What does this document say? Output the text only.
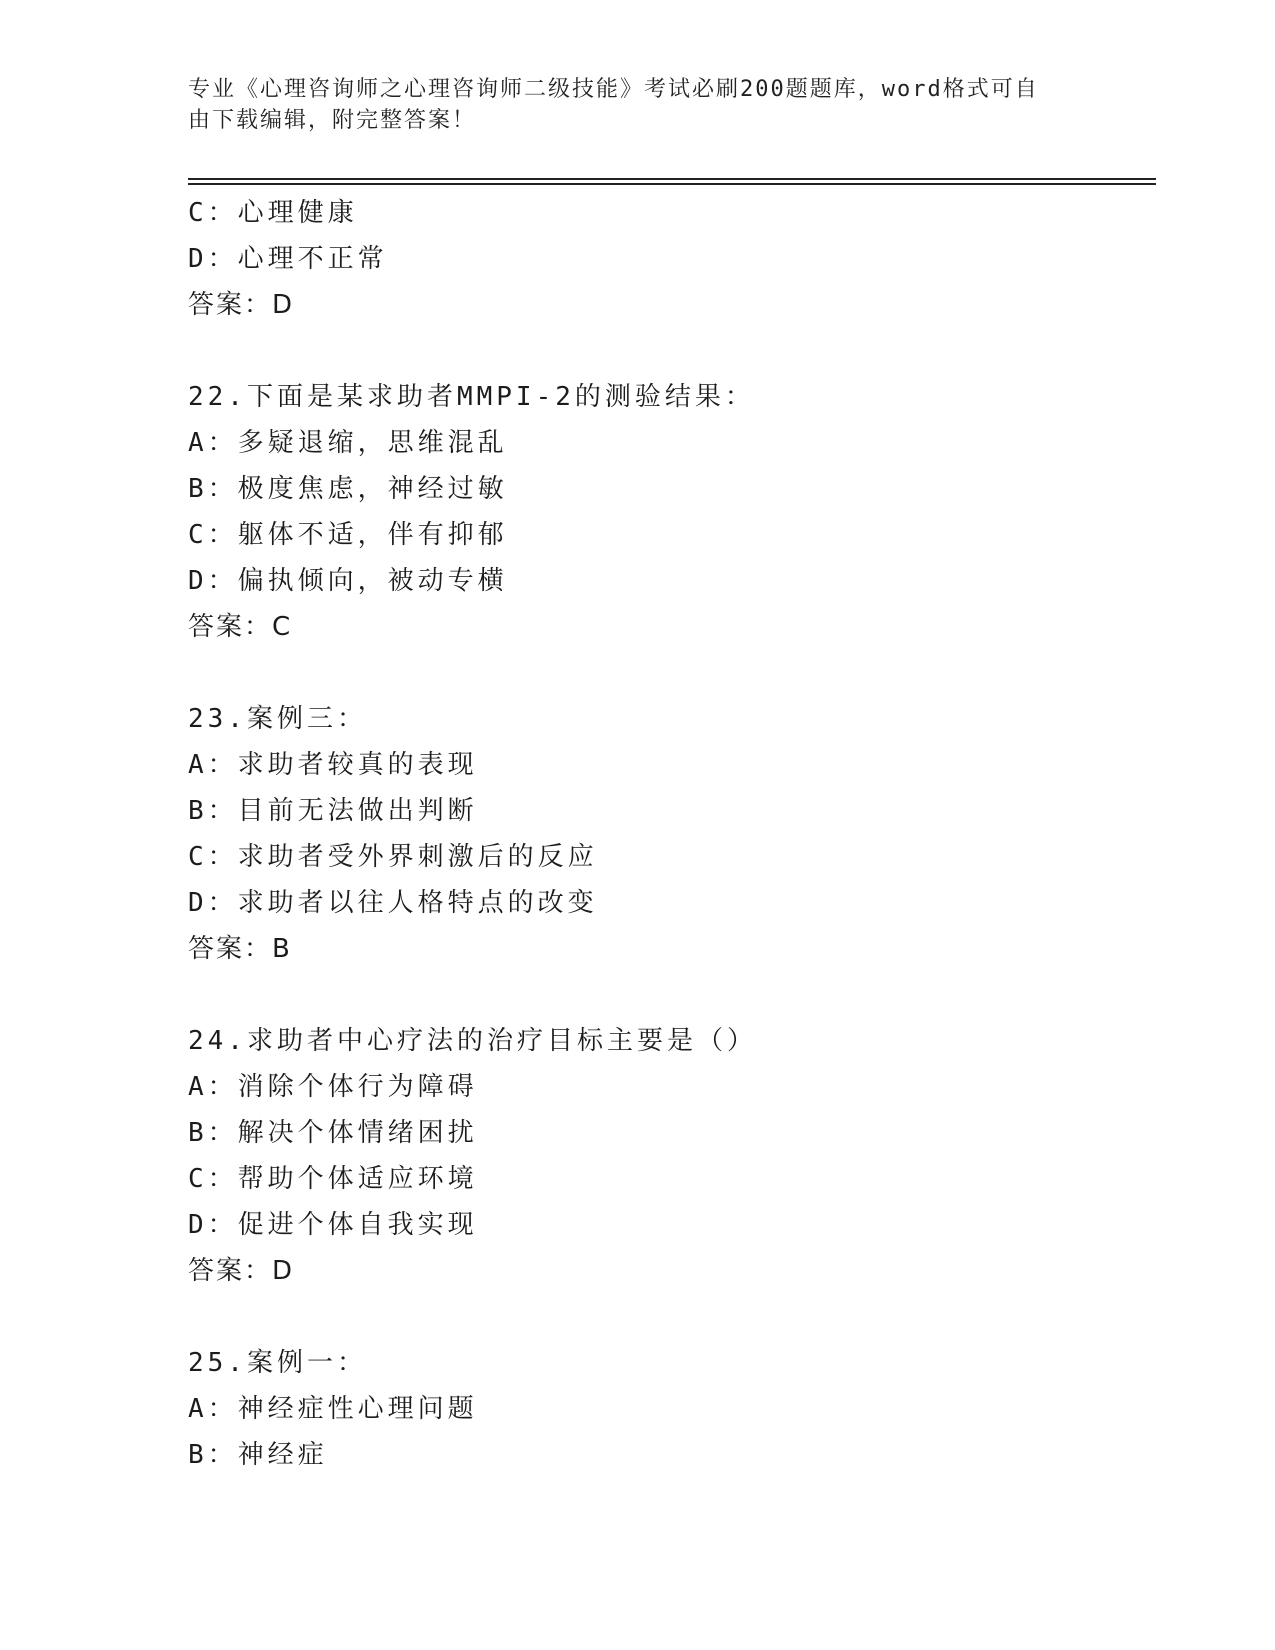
专业《心理咨询师之心理咨询师二级技能》考试必刷200题题库，word格式可自
由下载编辑，附完整答案！
C：心理健康
D：心理不正常
答案：D
22.下面是某求助者MMPI-2的测验结果：
A：多疑退缩，思维混乱
B：极度焦虑，神经过敏
C：躯体不适，伴有抑郁
D：偏执倾向，被动专横
答案：C
23.案例三：
A：求助者较真的表现
B：目前无法做出判断
C：求助者受外界刺激后的反应
D：求助者以往人格特点的改变
答案：B
24.求助者中心疗法的治疗目标主要是（）
A：消除个体行为障碍
B：解决个体情绪困扰
C：帮助个体适应环境
D：促进个体自我实现
答案：D
25.案例一：
A：神经症性心理问题
B：神经症
